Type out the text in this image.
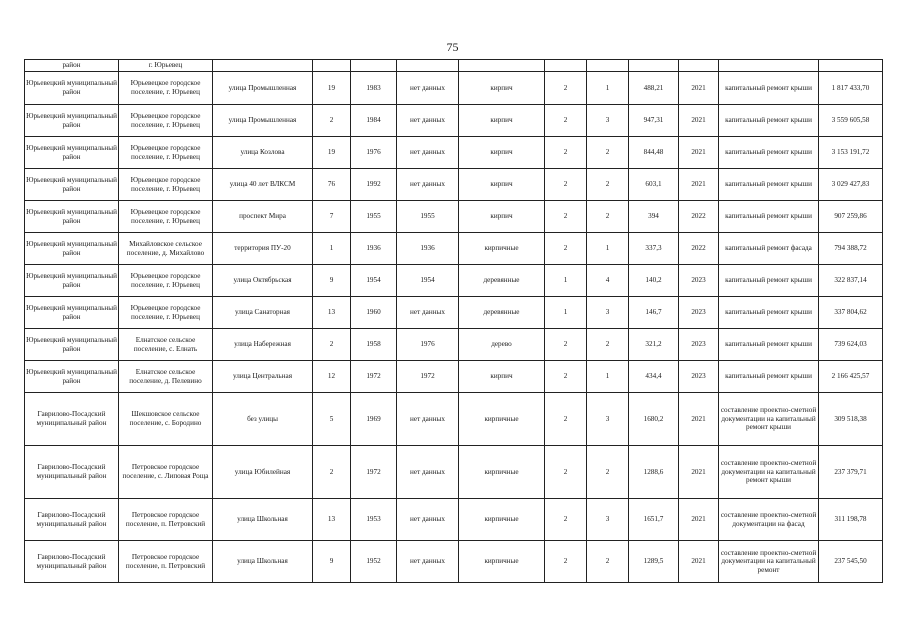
75
район	г. Юрьевец											
Юрьевецкий муниципальный район	Юрьевецкое городское поселение, г. Юрьевец	улица Промышленная	19	1983	нет данных	кирпич	2	1	488,21	2021	капитальный ремонт крыши	1 817 433,70
Юрьевецкий муниципальный район	Юрьевецкое городское поселение, г. Юрьевец	улица Промышленная	2	1984	нет данных	кирпич	2	3	947,31	2021	капитальный ремонт крыши	3 559 605,58
Юрьевецкий муниципальный район	Юрьевецкое городское поселение, г. Юрьевец	улица Козлова	19	1976	нет данных	кирпич	2	2	844,48	2021	капитальный ремонт крыши	3 153 191,72
Юрьевецкий муниципальный район	Юрьевецкое городское поселение, г. Юрьевец	улица 40 лет ВЛКСМ	76	1992	нет данных	кирпич	2	2	603,1	2021	капитальный ремонт крыши	3 029 427,83
Юрьевецкий муниципальный район	Юрьевецкое городское поселение, г. Юрьевец	проспект Мира	7	1955	1955	кирпич	2	2	394	2022	капитальный ремонт крыши	907 259,86
Юрьевецкий муниципальный район	Михайловское сельское поселение, д. Михайлово	территория ПУ-20	1	1936	1936	кирпичные	2	1	337,3	2022	капитальный ремонт фасада	794 388,72
Юрьевецкий муниципальный район	Юрьевецкое городское поселение, г. Юрьевец	улица Октябрьская	9	1954	1954	деревянные	1	4	140,2	2023	капитальный ремонт крыши	322 837,14
Юрьевецкий муниципальный район	Юрьевецкое городское поселение, г. Юрьевец	улица Санаторная	13	1960	нет данных	деревянные	1	3	146,7	2023	капитальный ремонт крыши	337 804,62
Юрьевецкий муниципальный район	Елнатское сельское поселение, с. Елнать	улица Набережная	2	1958	1976	дерево	2	2	321,2	2023	капитальный ремонт крыши	739 624,03
Юрьевецкий муниципальный район	Елнатское сельское поселение, д. Пелевино	улица Центральная	12	1972	1972	кирпич	2	1	434,4	2023	капитальный ремонт крыши	2 166 425,57
Гаврилово-Посадский муниципальный район	Шекшовское сельское поселение, с. Бородино	без улицы	5	1969	нет данных	кирпичные	2	3	1680,2	2021	составление проектно-сметной документации на капитальный ремонт крыши	309 518,38
Гаврилово-Посадский муниципальный район	Петровское городское поселение, с. Липовая Роща	улица Юбилейная	2	1972	нет данных	кирпичные	2	2	1288,6	2021	составление проектно-сметной документации на капитальный ремонт крыши	237 379,71
Гаврилово-Посадский муниципальный район	Петровское городское поселение, п. Петровский	улица Школьная	13	1953	нет данных	кирпичные	2	3	1651,7	2021	составление проектно-сметной документации на фасад	311 198,78
Гаврилово-Посадский муниципальный район	Петровское городское поселение, п. Петровский	улица Школьная	9	1952	нет данных	кирпичные	2	2	1289,5	2021	составление проектно-сметной документации на капитальный ремонт	237 545,50
